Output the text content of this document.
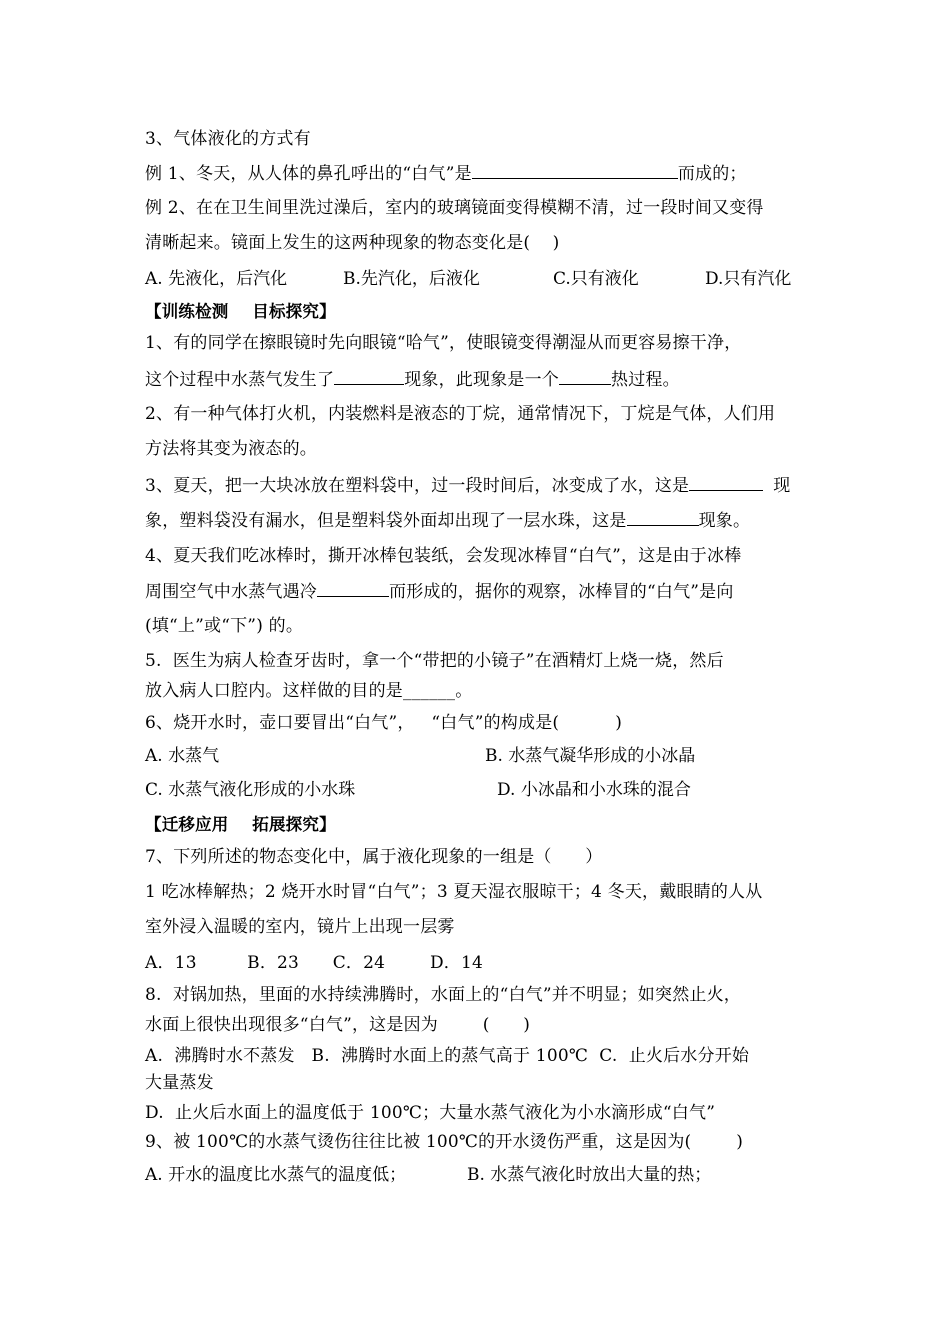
3、气体液化的方式有
例 1、冬天，从人体的鼻孔呼出的“白气”是	而成的；
例 2、在在卫生间里洗过澡后，室内的玻璃镜面变得模糊不清，过一段时间又变得
清晰起来。镜面上发生的这两种现象的物态变化是(    )
A. 先液化，后汽化	B.先汽化，后液化	C.只有液化	D.只有汽化
【训练检测    目标探究】
1、有的同学在擦眼镜时先向眼镜“哈气”，使眼镜变得潮湿从而更容易擦干净，
这个过程中水蒸气发生了	现象，此现象是一个	热过程。
2、有一种气体打火机，内装燃料是液态的丁烷，通常情况下，丁烷是气体，人们用
方法将其变为液态的。
3、夏天，把一大块冰放在塑料袋中，过一段时间后，冰变成了水，这是	现
象，塑料袋没有漏水，但是塑料袋外面却出现了一层水珠，这是	现象。
4、夏天我们吃冰棒时，撕开冰棒包装纸，会发现冰棒冒“白气”，这是由于冰棒
周围空气中水蒸气遇冷	而形成的，据你的观察，冰棒冒的“白气”是向
(填“上”或“下”) 的。
5.  医生为病人检查牙齿时，拿一个“带把的小镜子”在酒精灯上烧一烧，然后
放入病人口腔内。这样做的目的是______。
6、烧开水时，壶口要冒出“白气”，   “白气”的构成是(          )
A. 水蒸气	B. 水蒸气凝华形成的小冰晶
C. 水蒸气液化形成的小水珠	D. 小冰晶和小水珠的混合
【迁移应用    拓展探究】
7、下列所述的物态变化中，属于液化现象的一组是（      ）
1 吃冰棒解热；2 烧开水时冒“白气”；3 夏天湿衣服晾干；4 冬天，戴眼睛的人从
室外浸入温暖的室内，镜片上出现一层雾
A．13         B．23      C．24        D．14
8.  对锅加热，里面的水持续沸腾时，水面上的“白气”并不明显；如突然止火，
水面上很快出现很多“白气”，这是因为        (      )
A.  沸腾时水不蒸发   B.  沸腾时水面上的蒸气高于 100℃  C.  止火后水分开始
大量蒸发
D.  止火后水面上的温度低于 100℃；大量水蒸气液化为小水滴形成“白气”
9、被 100℃的水蒸气烫伤往往比被 100℃的开水烫伤严重，这是因为(        )
A. 开水的温度比水蒸气的温度低；	B. 水蒸气液化时放出大量的热；
